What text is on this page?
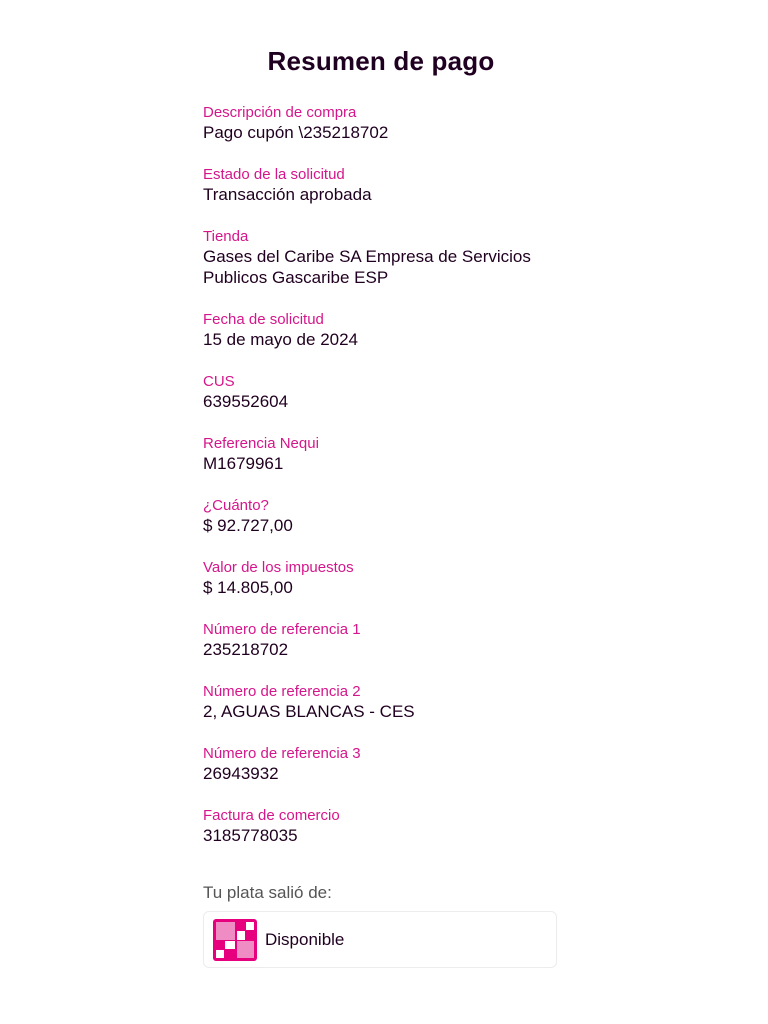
Resumen de pago
Descripción de compra
Pago cupón \235218702
Estado de la solicitud
Transacción aprobada
Tienda
Gases del Caribe SA Empresa de Servicios Publicos Gascaribe ESP
Fecha de solicitud
15 de mayo de 2024
CUS
639552604
Referencia Nequi
M1679961
¿Cuánto?
$ 92.727,00
Valor de los impuestos
$ 14.805,00
Número de referencia 1
235218702
Número de referencia 2
2, AGUAS BLANCAS - CES
Número de referencia 3
26943932
Factura de comercio
3185778035
Tu plata salió de:
Disponible
